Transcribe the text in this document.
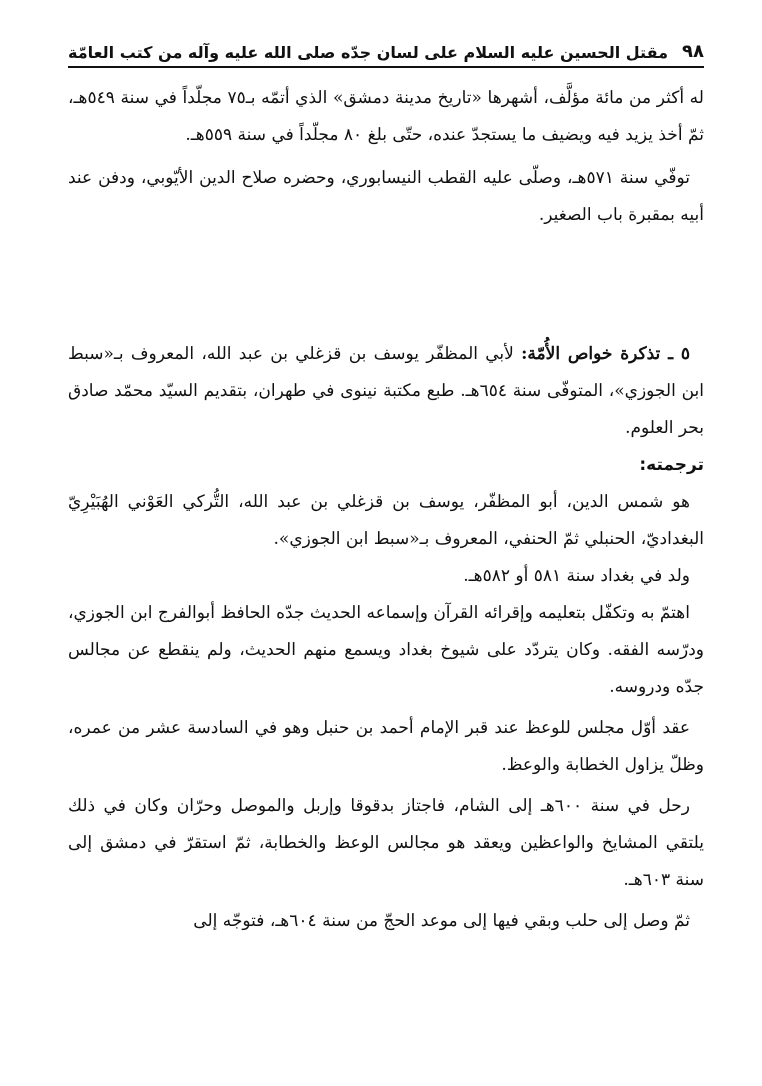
٩٨
مقتل الحسين عليه السلام على لسان جدّه صلى الله عليه وآله من كتب العامّة

له أكثر من مائة مؤلَّف، أشهرها «تاريخ مدينة دمشق» الذي أتمّه بـ٧٥ مجلّداً في سنة ٥٤٩هـ، ثمّ أخذ يزيد فيه ويضيف ما يستجدّ عنده، حتّى بلغ ٨٠ مجلّداً في سنة ٥٥٩هـ.

توفّي سنة ٥٧١هـ، وصلّى عليه القطب النيسابوري، وحضره صلاح الدين الأيّوبي، ودفن عند أبيه بمقبرة باب الصغير.

٥ ـ تذكرة خواص الأُمّة: لأبي المظفّر يوسف بن قزغلي بن عبد الله، المعروف بـ«سبط ابن الجوزي»، المتوفّى سنة ٦٥٤هـ. طبع مكتبة نينوى في طهران، بتقديم السيّد محمّد صادق بحر العلوم.

ترجمته:

هو شمس الدين، أبو المظفّر، يوسف بن قزغلي بن عبد الله، التُّركي العَوْني الهُبَيْرِيّ البغداديّ، الحنبلي ثمّ الحنفي، المعروف بـ«سبط ابن الجوزي».

ولد في بغداد سنة ٥٨١ أو ٥٨٢هـ.

اهتمّ به وتكفّل بتعليمه وإقرائه القرآن وإسماعه الحديث جدّه الحافظ أبوالفرج ابن الجوزي، ودرّسه الفقه. وكان يتردّد على شيوخ بغداد ويسمع منهم الحديث، ولم ينقطع عن مجالس جدّه ودروسه.

عقد أوّل مجلس للوعظ عند قبر الإمام أحمد بن حنبل وهو في السادسة عشر من عمره، وظلّ يزاول الخطابة والوعظ.

رحل في سنة ٦٠٠هـ إلى الشام، فاجتاز بدقوقا وإربل والموصل وحرّان وكان في ذلك يلتقي المشايخ والواعظين ويعقد هو مجالس الوعظ والخطابة، ثمّ استقرّ في دمشق إلى سنة ٦٠٣هـ.

ثمّ وصل إلى حلب وبقي فيها إلى موعد الحجّ من سنة ٦٠٤هـ، فتوجّه إلى
